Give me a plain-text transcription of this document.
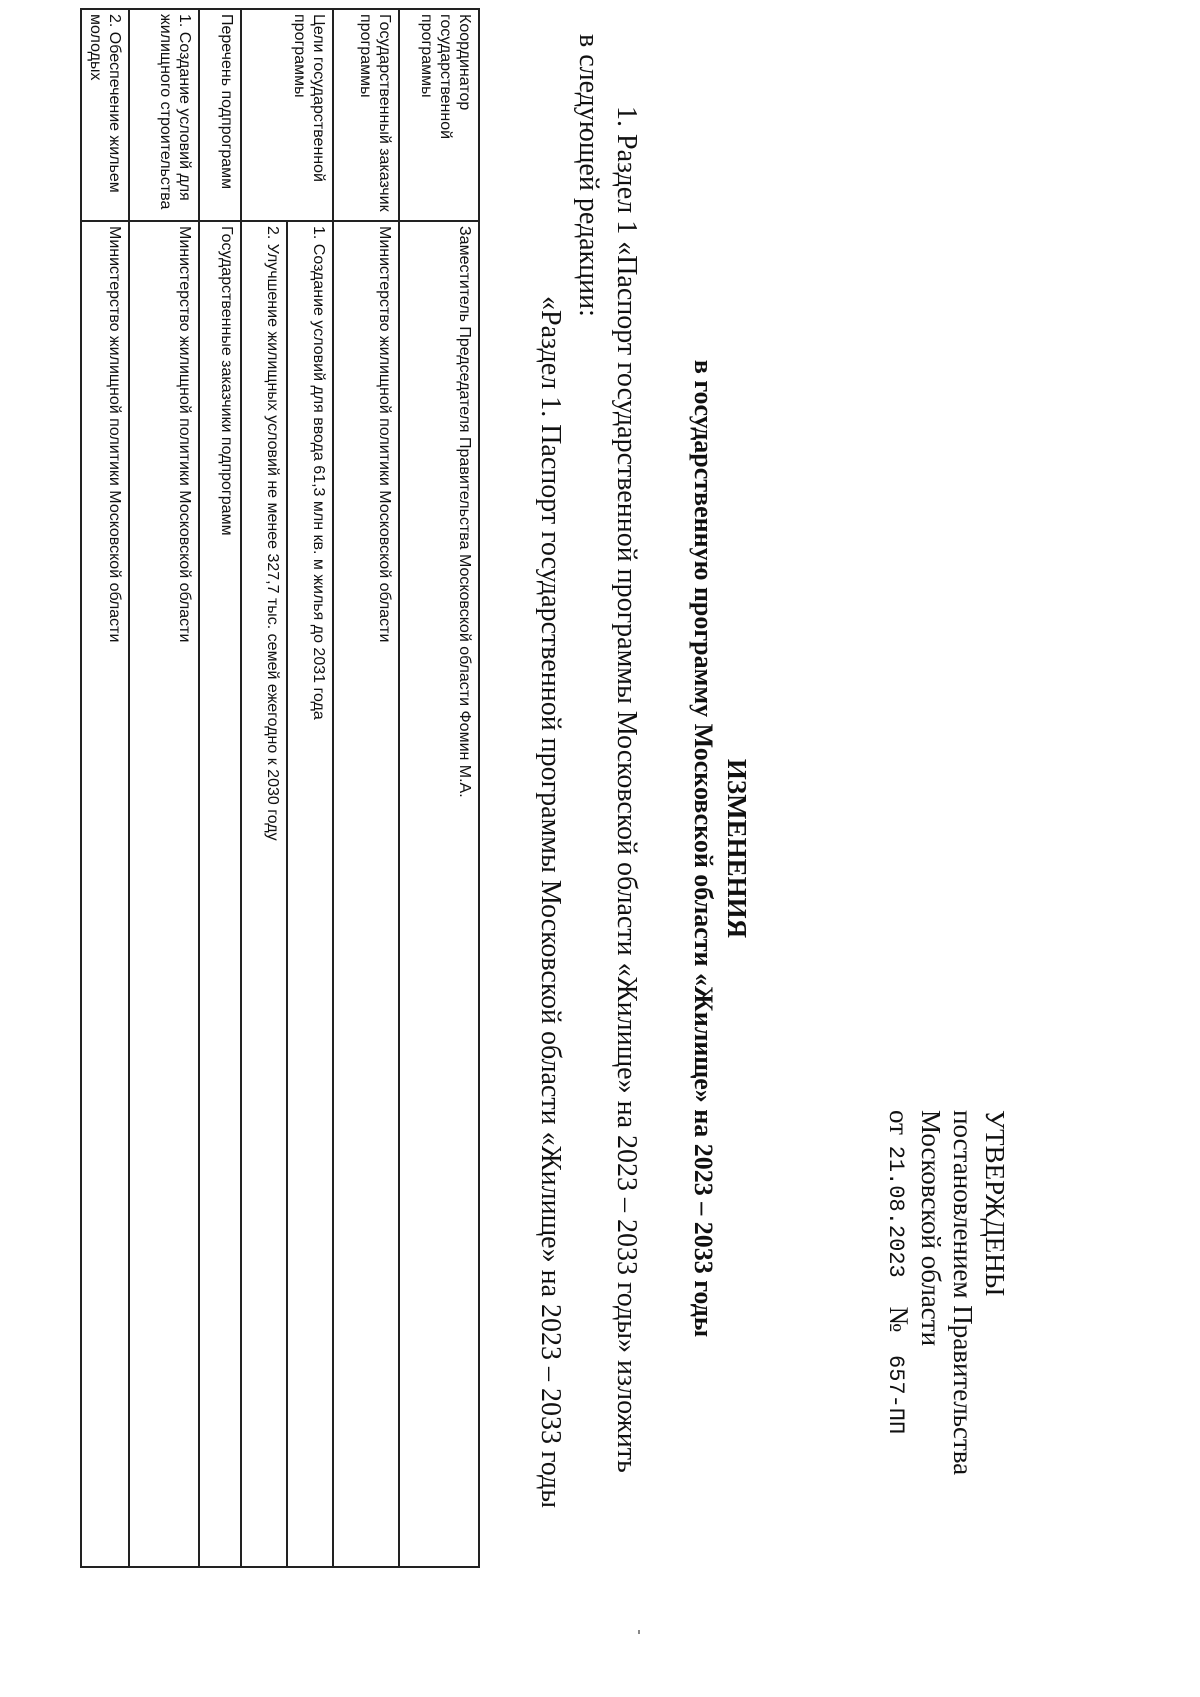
УТВЕРЖДЕНЫ
постановлением Правительства
Московской области
от 21.08.2023 № 657-ПП
ИЗМЕНЕНИЯ
в государственную программу Московской области «Жилище» на 2023 – 2033 годы
1. Раздел 1 «Паспорт государственной программы Московской области «Жилище» на 2023 – 2033 годы» изложить
в следующей редакции:
«Раздел 1. Паспорт государственной программы Московской области «Жилище» на 2023 – 2033 годы
Координатор государственной программы	Заместитель Председателя Правительства Московской области Фомин М.А.
Государственный заказчик программы	Министерство жилищной политики Московской области
Цели государственной программы	1. Создание условий для ввода 61,3 млн кв. м жилья до 2031 года
	2. Улучшение жилищных условий не менее 327,7 тыс. семей ежегодно к 2030 году
Перечень подпрограмм	Государственные заказчики подпрограмм
1. Создание условий для жилищного строительства	Министерство жилищной политики Московской области
2. Обеспечение жильем молодых	Министерство жилищной политики Московской области
